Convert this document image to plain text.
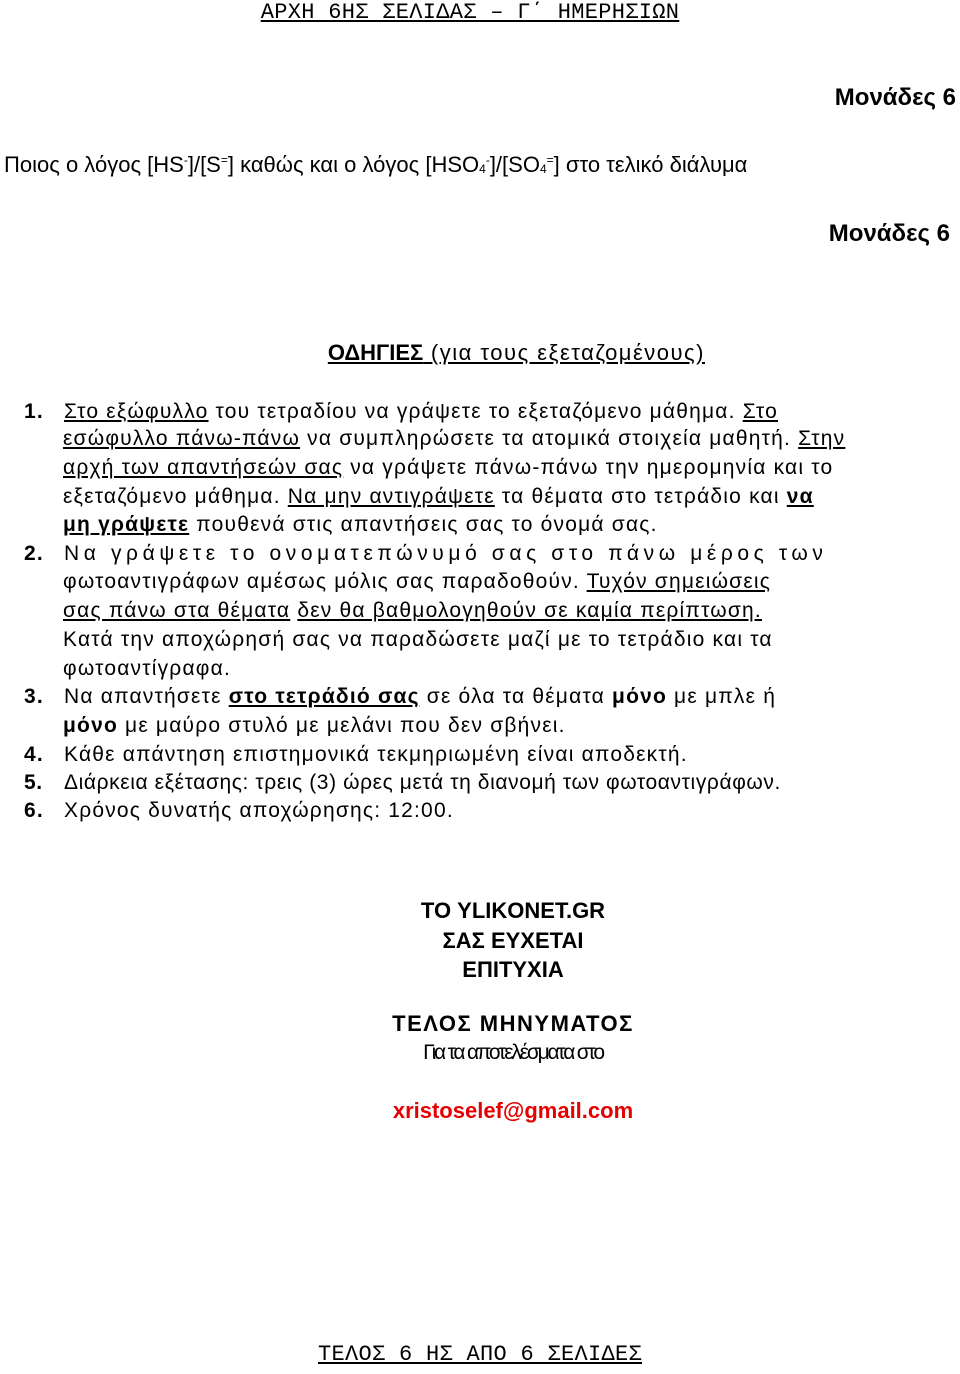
ΑΡΧΗ 6ΗΣ ΣΕΛΙΔΑΣ – Γ΄ ΗΜΕΡΗΣΙΩΝ
Μονάδες 6
Ποιος ο λόγος [HS-]/[S=] καθώς και ο λόγος $[HSO_4^-]/[SO_4^=]$ στο τελικό διάλυμα
Μονάδες 6
ΟΔΗΓΙΕΣ (για τους εξεταζομένους)
1. Στο εξώφυλλο του τετραδίου να γράψετε το εξεταζόμενο μάθημα. Στο
εσώφυλλο πάνω-πάνω να συμπληρώσετε τα ατομικά στοιχεία μαθητή. Στην
αρχή των απαντήσεών σας να γράψετε πάνω-πάνω την ημερομηνία και το
εξεταζόμενο μάθημα. Να μην αντιγράψετε τα θέματα στο τετράδιο και να
μη γράψετε πουθενά στις απαντήσεις σας το όνομά σας.
2. Να γράψετε το ονοματεπώνυμό σας στο πάνω μέρος των
φωτοαντιγράφων αμέσως μόλις σας παραδοθούν. Τυχόν σημειώσεις
σας πάνω στα θέματα δεν θα βαθμολογηθούν σε καμία περίπτωση.
Κατά την αποχώρησή σας να παραδώσετε μαζί με το τετράδιο και τα
φωτοαντίγραφα.
3. Να απαντήσετε στο τετράδιό σας σε όλα τα θέματα μόνο με μπλε ή
μόνο με μαύρο στυλό με μελάνι που δεν σβήνει.
4. Κάθε απάντηση επιστημονικά τεκμηριωμένη είναι αποδεκτή.
5. Διάρκεια εξέτασης: τρεις (3) ώρες μετά τη διανομή των φωτοαντιγράφων.
6. Χρόνος δυνατής αποχώρησης: 12:00.
ΤΟ YLIKONET.GR
ΣΑΣ ΕΥΧΕΤΑΙ
ΕΠΙΤΥΧΙΑ
ΤΕΛΟΣ ΜΗΝΥΜΑΤΟΣ
Για τα αποτελέσματα στο
xristoselef@gmail.com
ΤΕΛΟΣ 6 ΗΣ ΑΠΟ 6 ΣΕΛΙΔΕΣ
